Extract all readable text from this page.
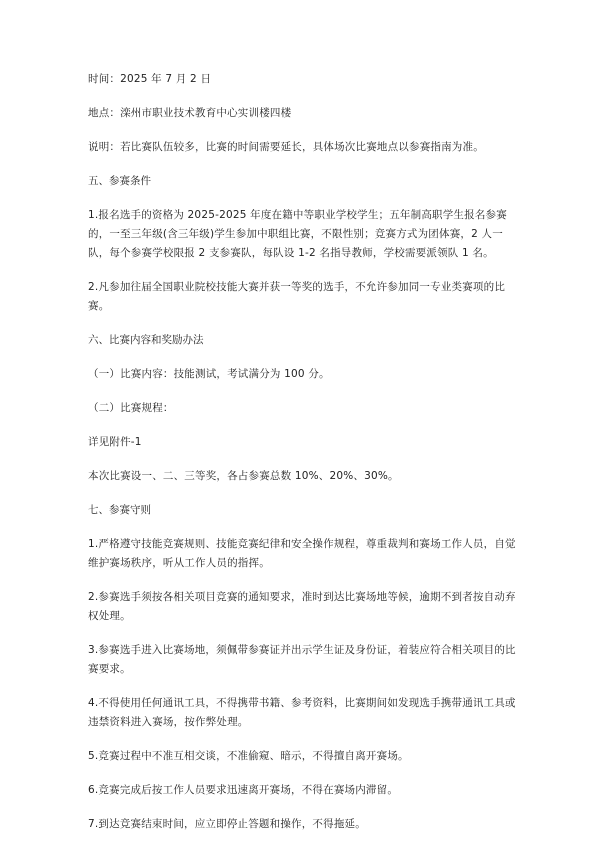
时间：2025 年 7 月 2 日

地点：滦州市职业技术教育中心实训楼四楼

说明：若比赛队伍较多，比赛的时间需要延长，具体场次比赛地点以参赛指南为准。

五、参赛条件

1.报名选手的资格为 2025-2025 年度在籍中等职业学校学生；五年制高职学生报名参赛的，一至三年级(含三年级)学生参加中职组比赛，不限性别；竞赛方式为团体赛，2 人一队，每个参赛学校限报 2 支参赛队，每队设 1-2 名指导教师，学校需要派领队 1 名。

2.凡参加往届全国职业院校技能大赛并获一等奖的选手，不允许参加同一专业类赛项的比赛。

六、比赛内容和奖励办法

（一）比赛内容：技能测试，考试满分为 100 分。

（二）比赛规程：

详见附件-1

本次比赛设一、二、三等奖，各占参赛总数 10%、20%、30%。

七、参赛守则

1.严格遵守技能竞赛规则、技能竞赛纪律和安全操作规程，尊重裁判和赛场工作人员，自觉维护赛场秩序，听从工作人员的指挥。

2.参赛选手须按各相关项目竞赛的通知要求，准时到达比赛场地等候，逾期不到者按自动弃权处理。

3.参赛选手进入比赛场地，须佩带参赛证并出示学生证及身份证，着装应符合相关项目的比赛要求。

4.不得使用任何通讯工具，不得携带书籍、参考资料，比赛期间如发现选手携带通讯工具或违禁资料进入赛场，按作弊处理。

5.竞赛过程中不准互相交谈，不准偷窥、暗示，不得擅自离开赛场。

6.竞赛完成后按工作人员要求迅速离开赛场，不得在赛场内滞留。

7.到达竞赛结束时间，应立即停止答题和操作，不得拖延。
